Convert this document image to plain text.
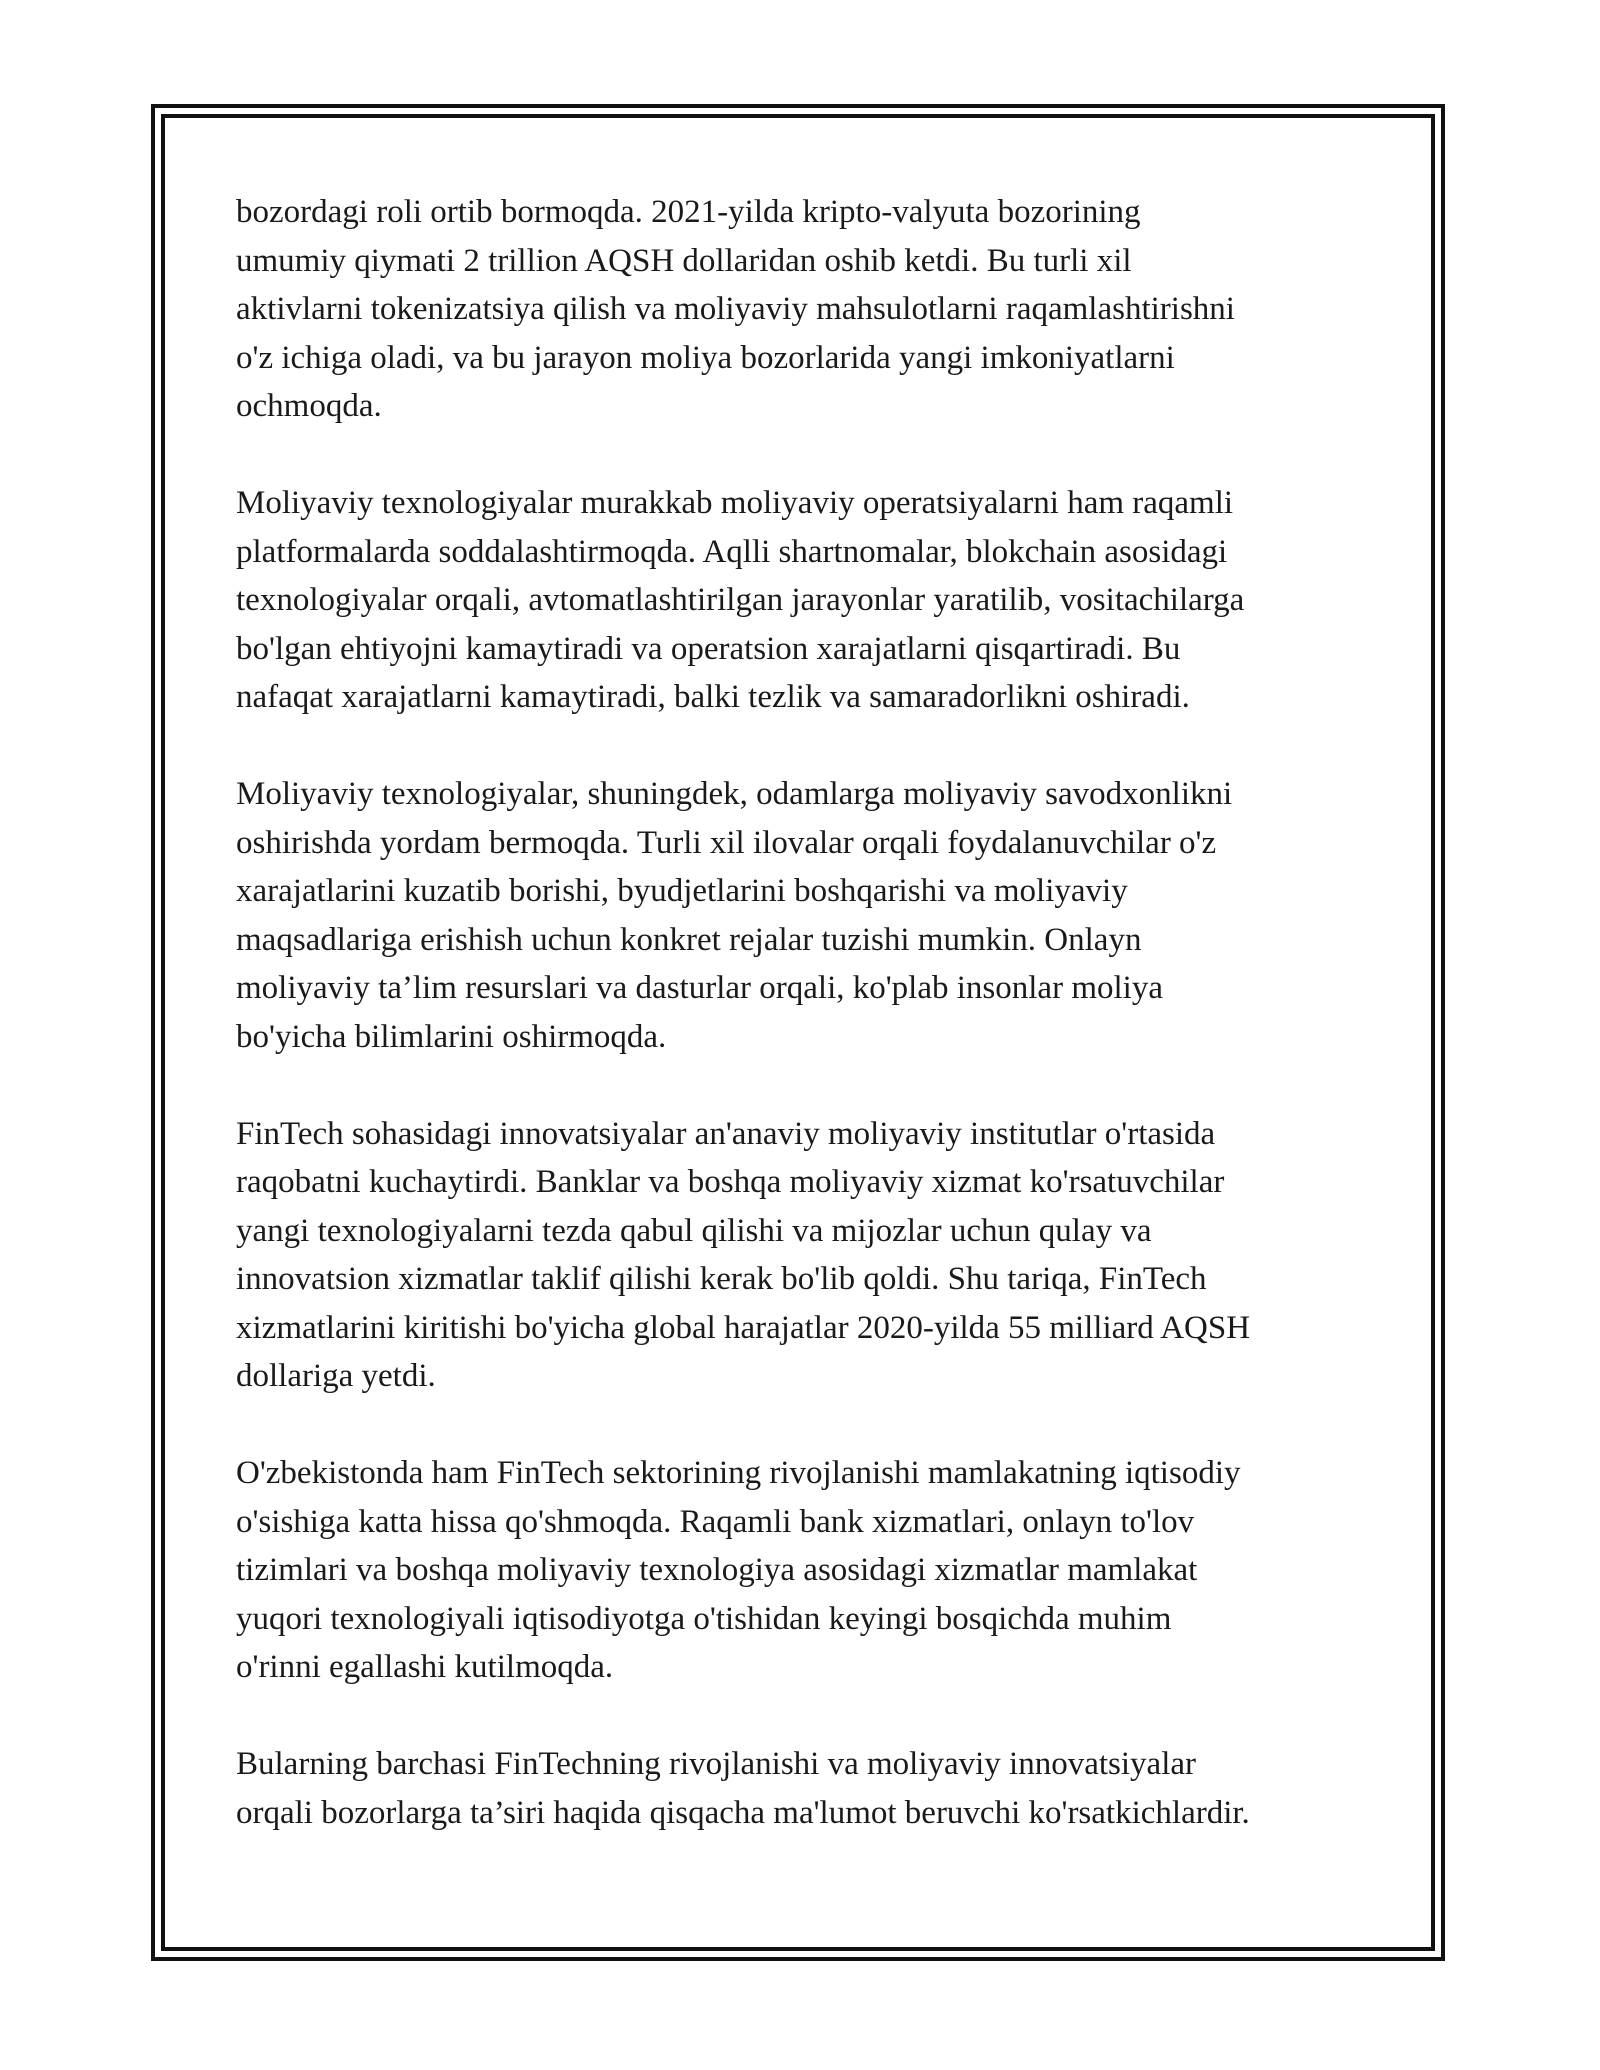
bozordagi roli ortib bormoqda. 2021-yilda kripto-valyuta bozorining
umumiy qiymati 2 trillion AQSH dollaridan oshib ketdi. Bu turli xil
aktivlarni tokenizatsiya qilish va moliyaviy mahsulotlarni raqamlashtirishni
o'z ichiga oladi, va bu jarayon moliya bozorlarida yangi imkoniyatlarni
ochmoqda.

Moliyaviy texnologiyalar murakkab moliyaviy operatsiyalarni ham raqamli
platformalarda soddalashtirmoqda. Aqlli shartnomalar, blokchain asosidagi
texnologiyalar orqali, avtomatlashtirilgan jarayonlar yaratilib, vositachilarga
bo'lgan ehtiyojni kamaytiradi va operatsion xarajatlarni qisqartiradi. Bu
nafaqat xarajatlarni kamaytiradi, balki tezlik va samaradorlikni oshiradi.

Moliyaviy texnologiyalar, shuningdek, odamlarga moliyaviy savodxonlikni
oshirishda yordam bermoqda. Turli xil ilovalar orqali foydalanuvchilar o'z
xarajatlarini kuzatib borishi, byudjetlarini boshqarishi va moliyaviy
maqsadlariga erishish uchun konkret rejalar tuzishi mumkin. Onlayn
moliyaviy ta’lim resurslari va dasturlar orqali, ko'plab insonlar moliya
bo'yicha bilimlarini oshirmoqda.

FinTech sohasidagi innovatsiyalar an'anaviy moliyaviy institutlar o'rtasida
raqobatni kuchaytirdi. Banklar va boshqa moliyaviy xizmat ko'rsatuvchilar
yangi texnologiyalarni tezda qabul qilishi va mijozlar uchun qulay va
innovatsion xizmatlar taklif qilishi kerak bo'lib qoldi. Shu tariqa, FinTech
xizmatlarini kiritishi bo'yicha global harajatlar 2020-yilda 55 milliard AQSH
dollariga yetdi.

O'zbekistonda ham FinTech sektorining rivojlanishi mamlakatning iqtisodiy
o'sishiga katta hissa qo'shmoqda. Raqamli bank xizmatlari, onlayn to'lov
tizimlari va boshqa moliyaviy texnologiya asosidagi xizmatlar mamlakat
yuqori texnologiyali iqtisodiyotga o'tishidan keyingi bosqichda muhim
o'rinni egallashi kutilmoqda.

Bularning barchasi FinTechning rivojlanishi va moliyaviy innovatsiyalar
orqali bozorlarga ta’siri haqida qisqacha ma'lumot beruvchi ko'rsatkichlardir.
